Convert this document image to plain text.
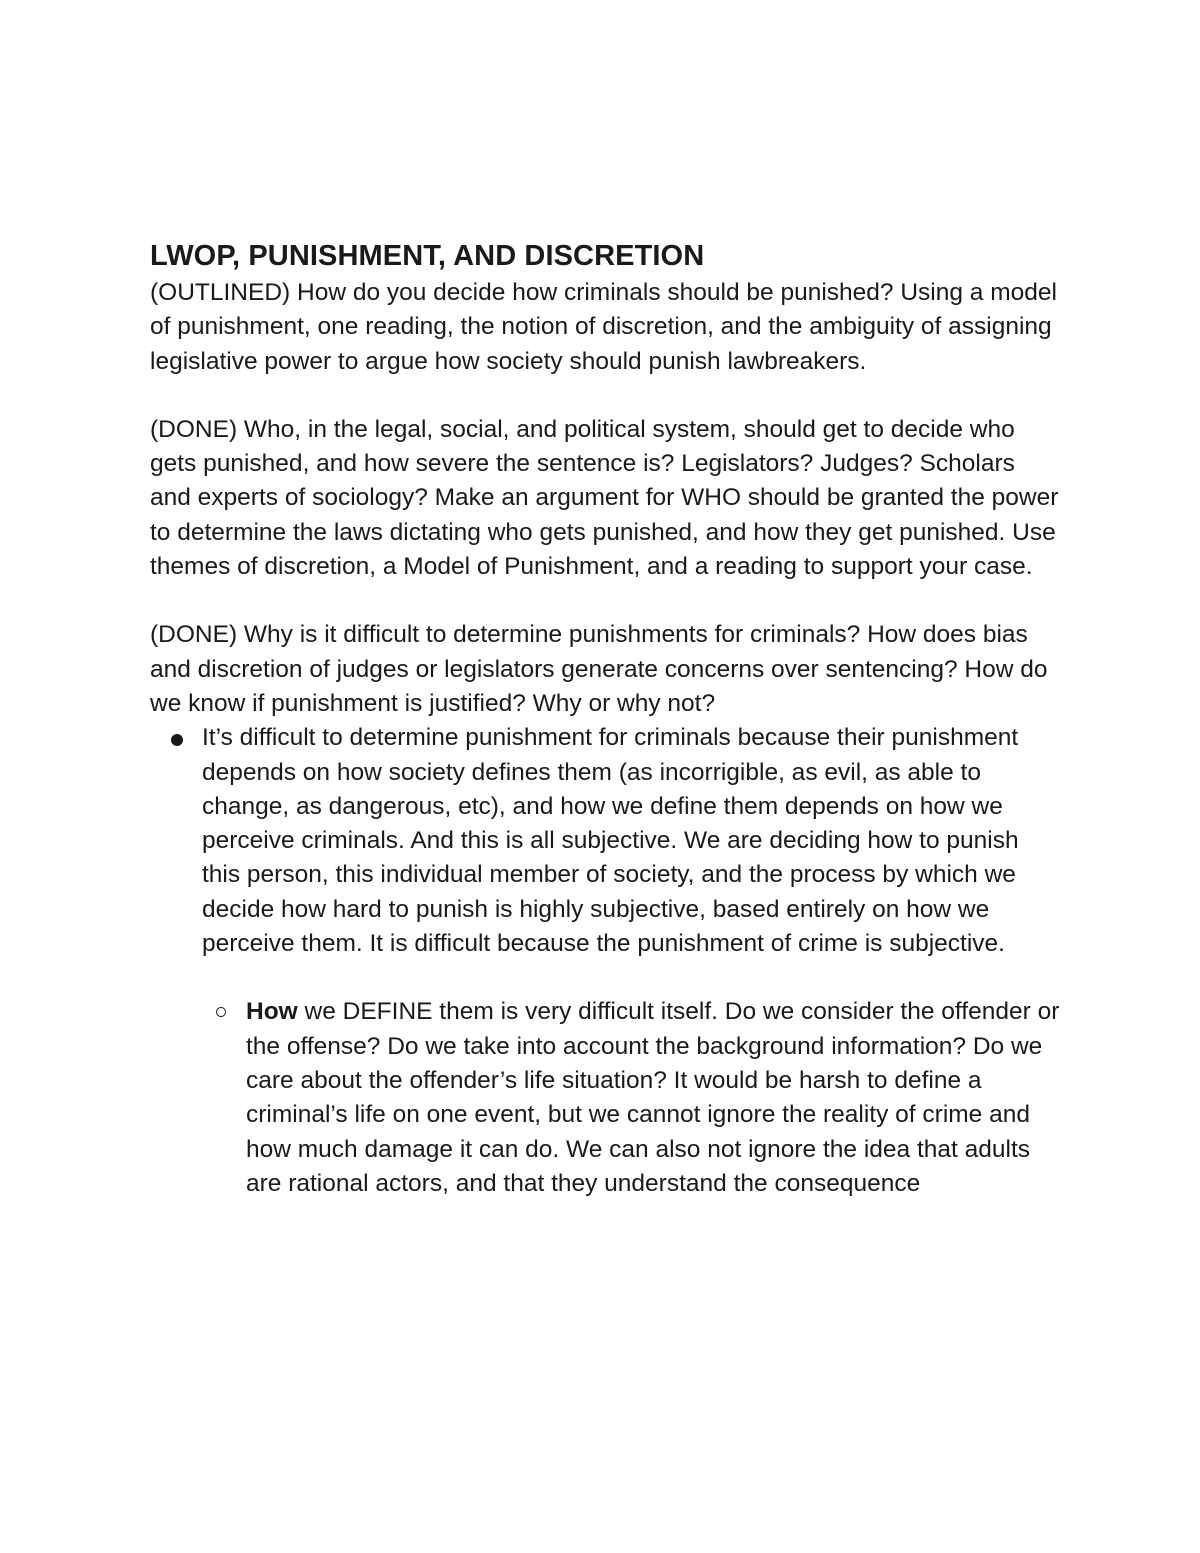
LWOP, PUNISHMENT, AND DISCRETION

(OUTLINED) How do you decide how criminals should be punished? Using a model of punishment, one reading, the notion of discretion, and the ambiguity of assigning legislative power to argue how society should punish lawbreakers.

(DONE) Who, in the legal, social, and political system, should get to decide who gets punished, and how severe the sentence is? Legislators? Judges? Scholars and experts of sociology? Make an argument for WHO should be granted the power to determine the laws dictating who gets punished, and how they get punished. Use themes of discretion, a Model of Punishment, and a reading to support your case.

(DONE) Why is it difficult to determine punishments for criminals? How does bias and discretion of judges or legislators generate concerns over sentencing? How do we know if punishment is justified? Why or why not?

It’s difficult to determine punishment for criminals because their punishment depends on how society defines them (as incorrigible, as evil, as able to change, as dangerous, etc), and how we define them depends on how we perceive criminals. And this is all subjective. We are deciding how to punish this person, this individual member of society, and the process by which we decide how hard to punish is highly subjective, based entirely on how we perceive them. It is difficult because the punishment of crime is subjective.
How we DEFINE them is very difficult itself. Do we consider the offender or the offense? Do we take into account the background information? Do we care about the offender’s life situation? It would be harsh to define a criminal’s life on one event, but we cannot ignore the reality of crime and how much damage it can do. We can also not ignore the idea that adults are rational actors, and that they understand the consequence
